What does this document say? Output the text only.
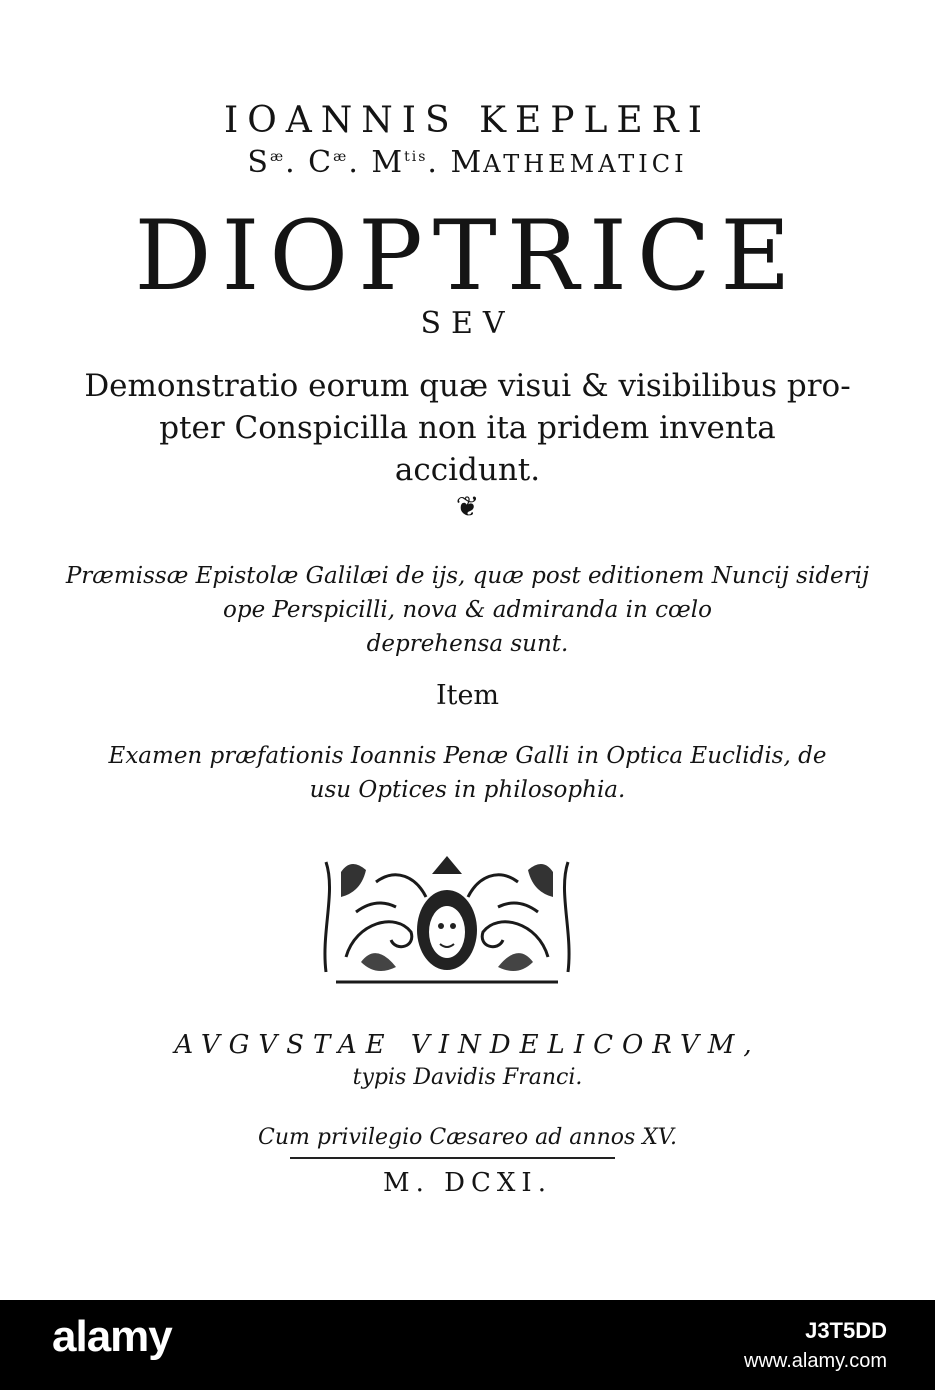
IOANNIS KEPLERI
$S^æ$. $C^æ$. $M^{tis}$. MATHEMATICI
DIOPTRICE
SEV
Demonstratio eorum quæ visui & visibilibus pro-
pter Conspicilla non ita pridem inventa
accidunt.
❦
Præmissæ Epistolæ Galilæi de ijs, quæ post editionem Nuncij siderij
ope Perspicilli, nova & admiranda in cœlo
deprehensa sunt.
Item
Examen præfationis Ioannis Penæ Galli in Optica Euclidis, de
usu Optices in philosophia.
AVGVSTAE VINDELICORVM,
typis Davidis Franci.
Cum privilegio Cæsareo ad annos XV.
M. DCXI.
alamy	J3T5DD
www.alamy.com
